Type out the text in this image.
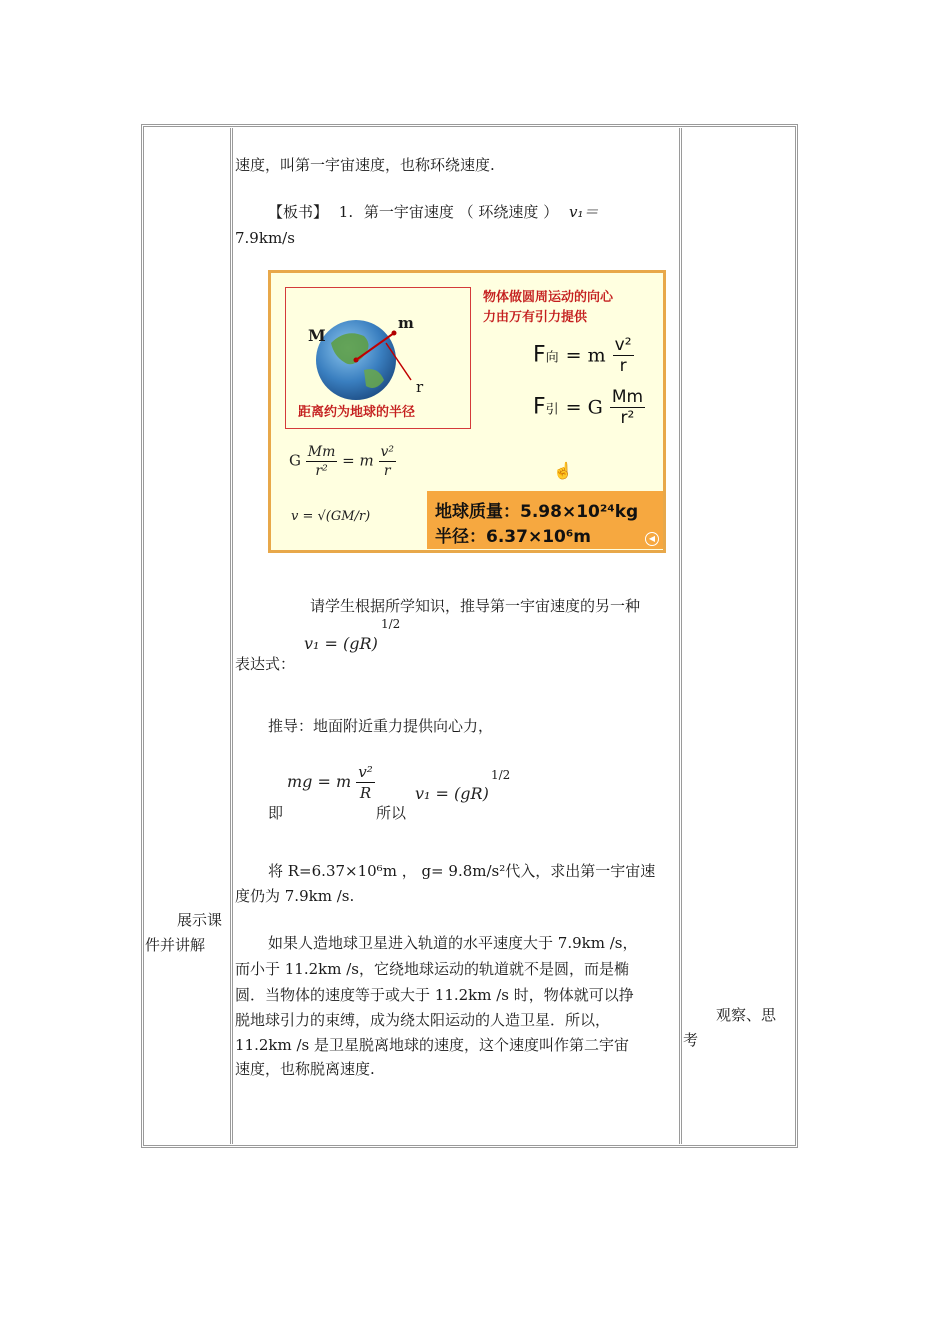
展示课
件并讲解
观察、思
考
速度，叫第一宇宙速度，也称环绕速度.
【板书】 1. 第一宇宙速度 （ 环绕速度 ） v₁＝
7.9km/s
M
m
r
距离约为地球的半径
物体做圆周运动的向心
力由万有引力提供
F向 = m $\frac{\text{v²}}{r}$
F引 = G $\frac{Mm}{\text{r²}}$
G $\frac{Mm}{\text{r²}} = m \frac{\text{v²}}{r}$
v = √(GM/r)
☝
地球质量：5.98×10²⁴kg
半径：6.37×10⁶m	◀
请学生根据所学知识，推导第一宇宙速度的另一种
表达式：
v₁ = (gR)
1/2
推导：地面附近重力提供向心力，
mg = m $\frac{\text{v²}}{R}$
即	所以
v₁ = (gR)
1/2
将 R=6.37×10⁶m ， g= 9.8m/s²代入，求出第一宇宙速
度仍为 7.9km /s.
如果人造地球卫星进入轨道的水平速度大于 7.9km /s，
而小于 11.2km /s，它绕地球运动的轨道就不是圆，而是椭
圆．当物体的速度等于或大于 11.2km /s 时，物体就可以挣
脱地球引力的束缚，成为绕太阳运动的人造卫星．所以，
11.2km /s 是卫星脱离地球的速度，这个速度叫作第二宇宙
速度，也称脱离速度.
